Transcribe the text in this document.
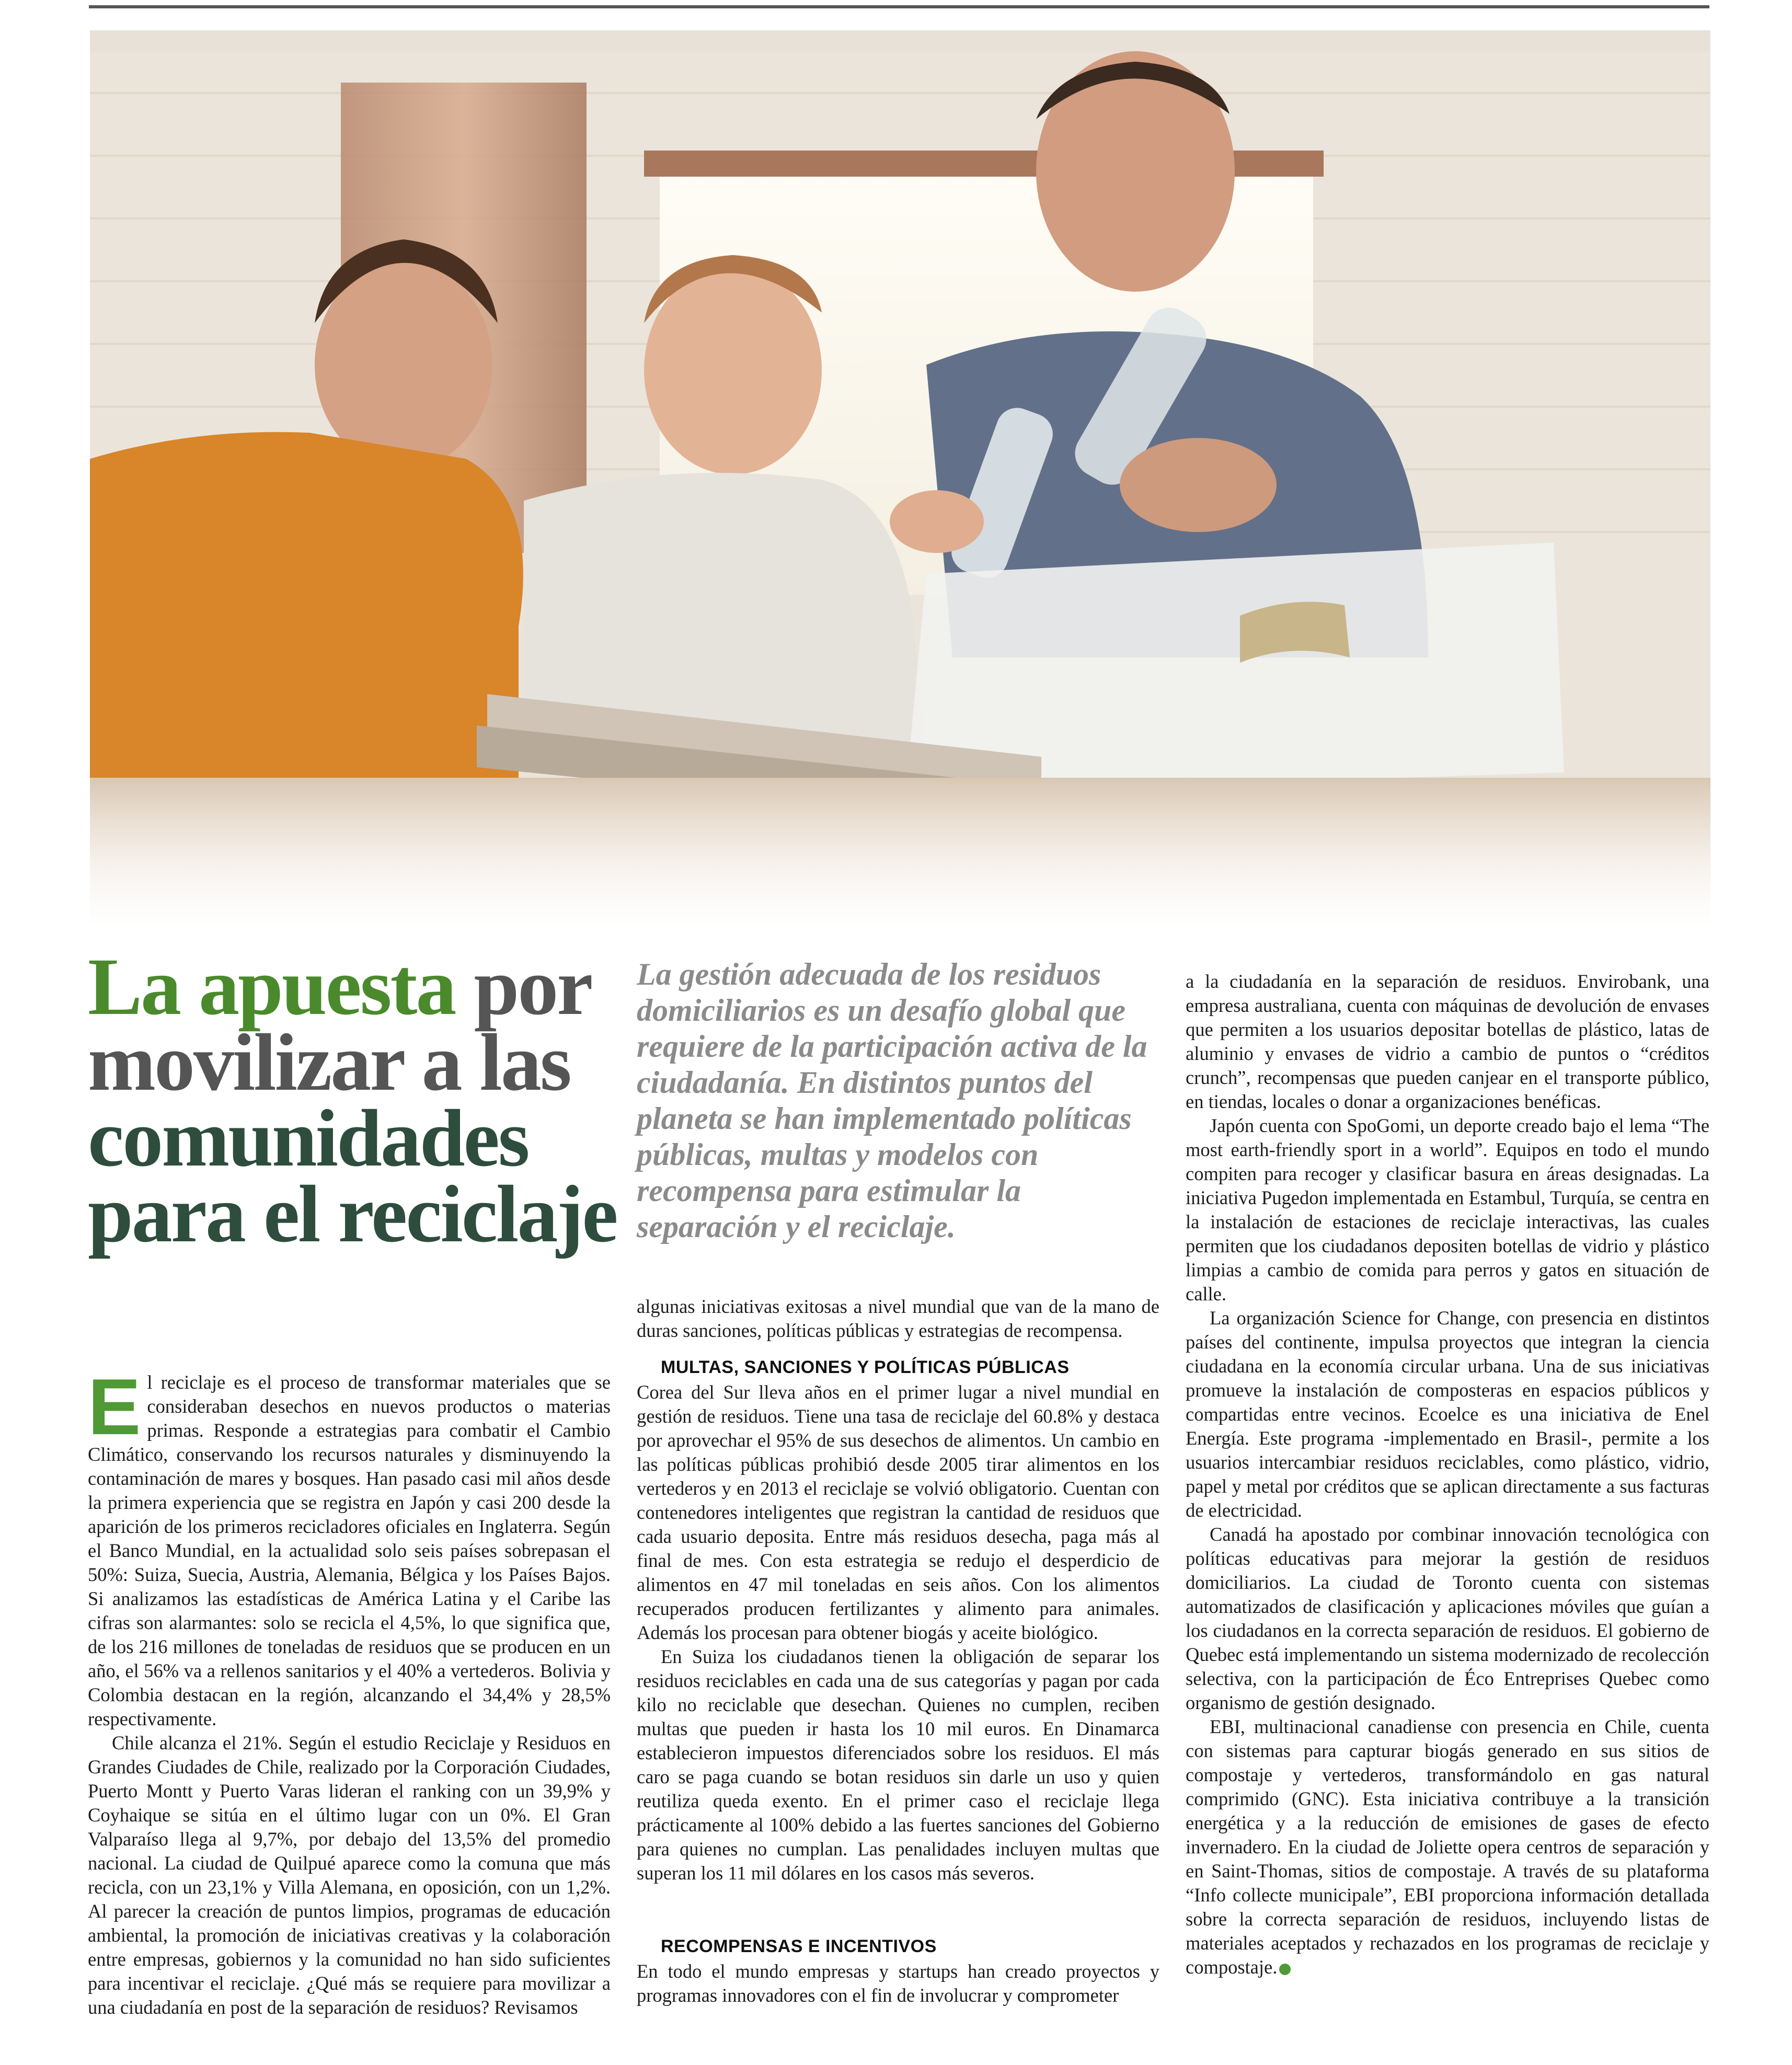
La apuesta por
movilizar a las
comunidades
para el reciclaje

La gestión adecuada de los residuos domiciliarios es un desafío global que requiere de la participación activa de la ciudadanía. En distintos puntos del planeta se han implementado políticas públicas, multas y modelos con recompensa para estimular la separación y el reciclaje.

El reciclaje es el proceso de transformar materiales que se consideraban desechos en nuevos productos o materias primas. Responde a estrategias para combatir el Cambio Climático, conservando los recursos naturales y disminuyendo la contaminación de mares y bosques. Han pasado casi mil años desde la primera experiencia que se registra en Japón y casi 200 desde la aparición de los primeros recicladores oficiales en Inglaterra. Según el Banco Mundial, en la actualidad solo seis países sobrepasan el 50%: Suiza, Suecia, Austria, Alemania, Bélgica y los Países Bajos. Si analizamos las estadísticas de América Latina y el Caribe las cifras son alarmantes: solo se recicla el 4,5%, lo que significa que, de los 216 millones de toneladas de residuos que se producen en un año, el 56% va a rellenos sanitarios y el 40% a vertederos. Bolivia y Colombia destacan en la región, alcanzando el 34,4% y 28,5% respectivamente.

Chile alcanza el 21%. Según el estudio Reciclaje y Residuos en Grandes Ciudades de Chile, realizado por la Corporación Ciudades, Puerto Montt y Puerto Varas lideran el ranking con un 39,9% y Coyhaique se sitúa en el último lugar con un 0%. El Gran Valparaíso llega al 9,7%, por debajo del 13,5% del promedio nacional. La ciudad de Quilpué aparece como la comuna que más recicla, con un 23,1% y Villa Alemana, en oposición, con un 1,2%. Al parecer la creación de puntos limpios, programas de educación ambiental, la promoción de iniciativas creativas y la colaboración entre empresas, gobiernos y la comunidad no han sido suficientes para incentivar el reciclaje. ¿Qué más se requiere para movilizar a una ciudadanía en post de la separación de residuos? Revisamos

algunas iniciativas exitosas a nivel mundial que van de la mano de duras sanciones, políticas públicas y estrategias de recompensa.

MULTAS, SANCIONES Y POLÍTICAS PÚBLICAS

Corea del Sur lleva años en el primer lugar a nivel mundial en gestión de residuos. Tiene una tasa de reciclaje del 60.8% y destaca por aprovechar el 95% de sus desechos de alimentos. Un cambio en las políticas públicas prohibió desde 2005 tirar alimentos en los vertederos y en 2013 el reciclaje se volvió obligatorio. Cuentan con contenedores inteligentes que registran la cantidad de residuos que cada usuario deposita. Entre más residuos desecha, paga más al final de mes. Con esta estrategia se redujo el desperdicio de alimentos en 47 mil toneladas en seis años. Con los alimentos recuperados producen fertilizantes y alimento para animales. Además los procesan para obtener biogás y aceite biológico.

En Suiza los ciudadanos tienen la obligación de separar los residuos reciclables en cada una de sus categorías y pagan por cada kilo no reciclable que desechan. Quienes no cumplen, reciben multas que pueden ir hasta los 10 mil euros. En Dinamarca establecieron impuestos diferenciados sobre los residuos. El más caro se paga cuando se botan residuos sin darle un uso y quien reutiliza queda exento. En el primer caso el reciclaje llega prácticamente al 100% debido a las fuertes sanciones del Gobierno para quienes no cumplan. Las penalidades incluyen multas que superan los 11 mil dólares en los casos más severos.

RECOMPENSAS E INCENTIVOS

En todo el mundo empresas y startups han creado proyectos y programas innovadores con el fin de involucrar y comprometer

a la ciudadanía en la separación de residuos. Envirobank, una empresa australiana, cuenta con máquinas de devolución de envases que permiten a los usuarios depositar botellas de plástico, latas de aluminio y envases de vidrio a cambio de puntos o “créditos crunch”, recompensas que pueden canjear en el transporte público, en tiendas, locales o donar a organizaciones benéficas.

Japón cuenta con SpoGomi, un deporte creado bajo el lema “The most earth-friendly sport in a world”. Equipos en todo el mundo compiten para recoger y clasificar basura en áreas designadas. La iniciativa Pugedon implementada en Estambul, Turquía, se centra en la instalación de estaciones de reciclaje interactivas, las cuales permiten que los ciudadanos depositen botellas de vidrio y plástico limpias a cambio de comida para perros y gatos en situación de calle.

La organización Science for Change, con presencia en distintos países del continente, impulsa proyectos que integran la ciencia ciudadana en la economía circular urbana. Una de sus iniciativas promueve la instalación de composteras en espacios públicos y compartidas entre vecinos. Ecoelce es una iniciativa de Enel Energía. Este programa -implementado en Brasil-, permite a los usuarios intercambiar residuos reciclables, como plástico, vidrio, papel y metal por créditos que se aplican directamente a sus facturas de electricidad.

Canadá ha apostado por combinar innovación tecnológica con políticas educativas para mejorar la gestión de residuos domiciliarios. La ciudad de Toronto cuenta con sistemas automatizados de clasificación y aplicaciones móviles que guían a los ciudadanos en la correcta separación de residuos. El gobierno de Quebec está implementando un sistema modernizado de recolección selectiva, con la participación de Éco Entreprises Quebec como organismo de gestión designado.

EBI, multinacional canadiense con presencia en Chile, cuenta con sistemas para capturar biogás generado en sus sitios de compostaje y vertederos, transformándolo en gas natural comprimido (GNC). Esta iniciativa contribuye a la transición energética y a la reducción de emisiones de gases de efecto invernadero. En la ciudad de Joliette opera centros de separación y en Saint-Thomas, sitios de compostaje. A través de su plataforma “Info collecte municipale”, EBI proporciona información detallada sobre la correcta separación de residuos, incluyendo listas de materiales aceptados y rechazados en los programas de reciclaje y compostaje.
